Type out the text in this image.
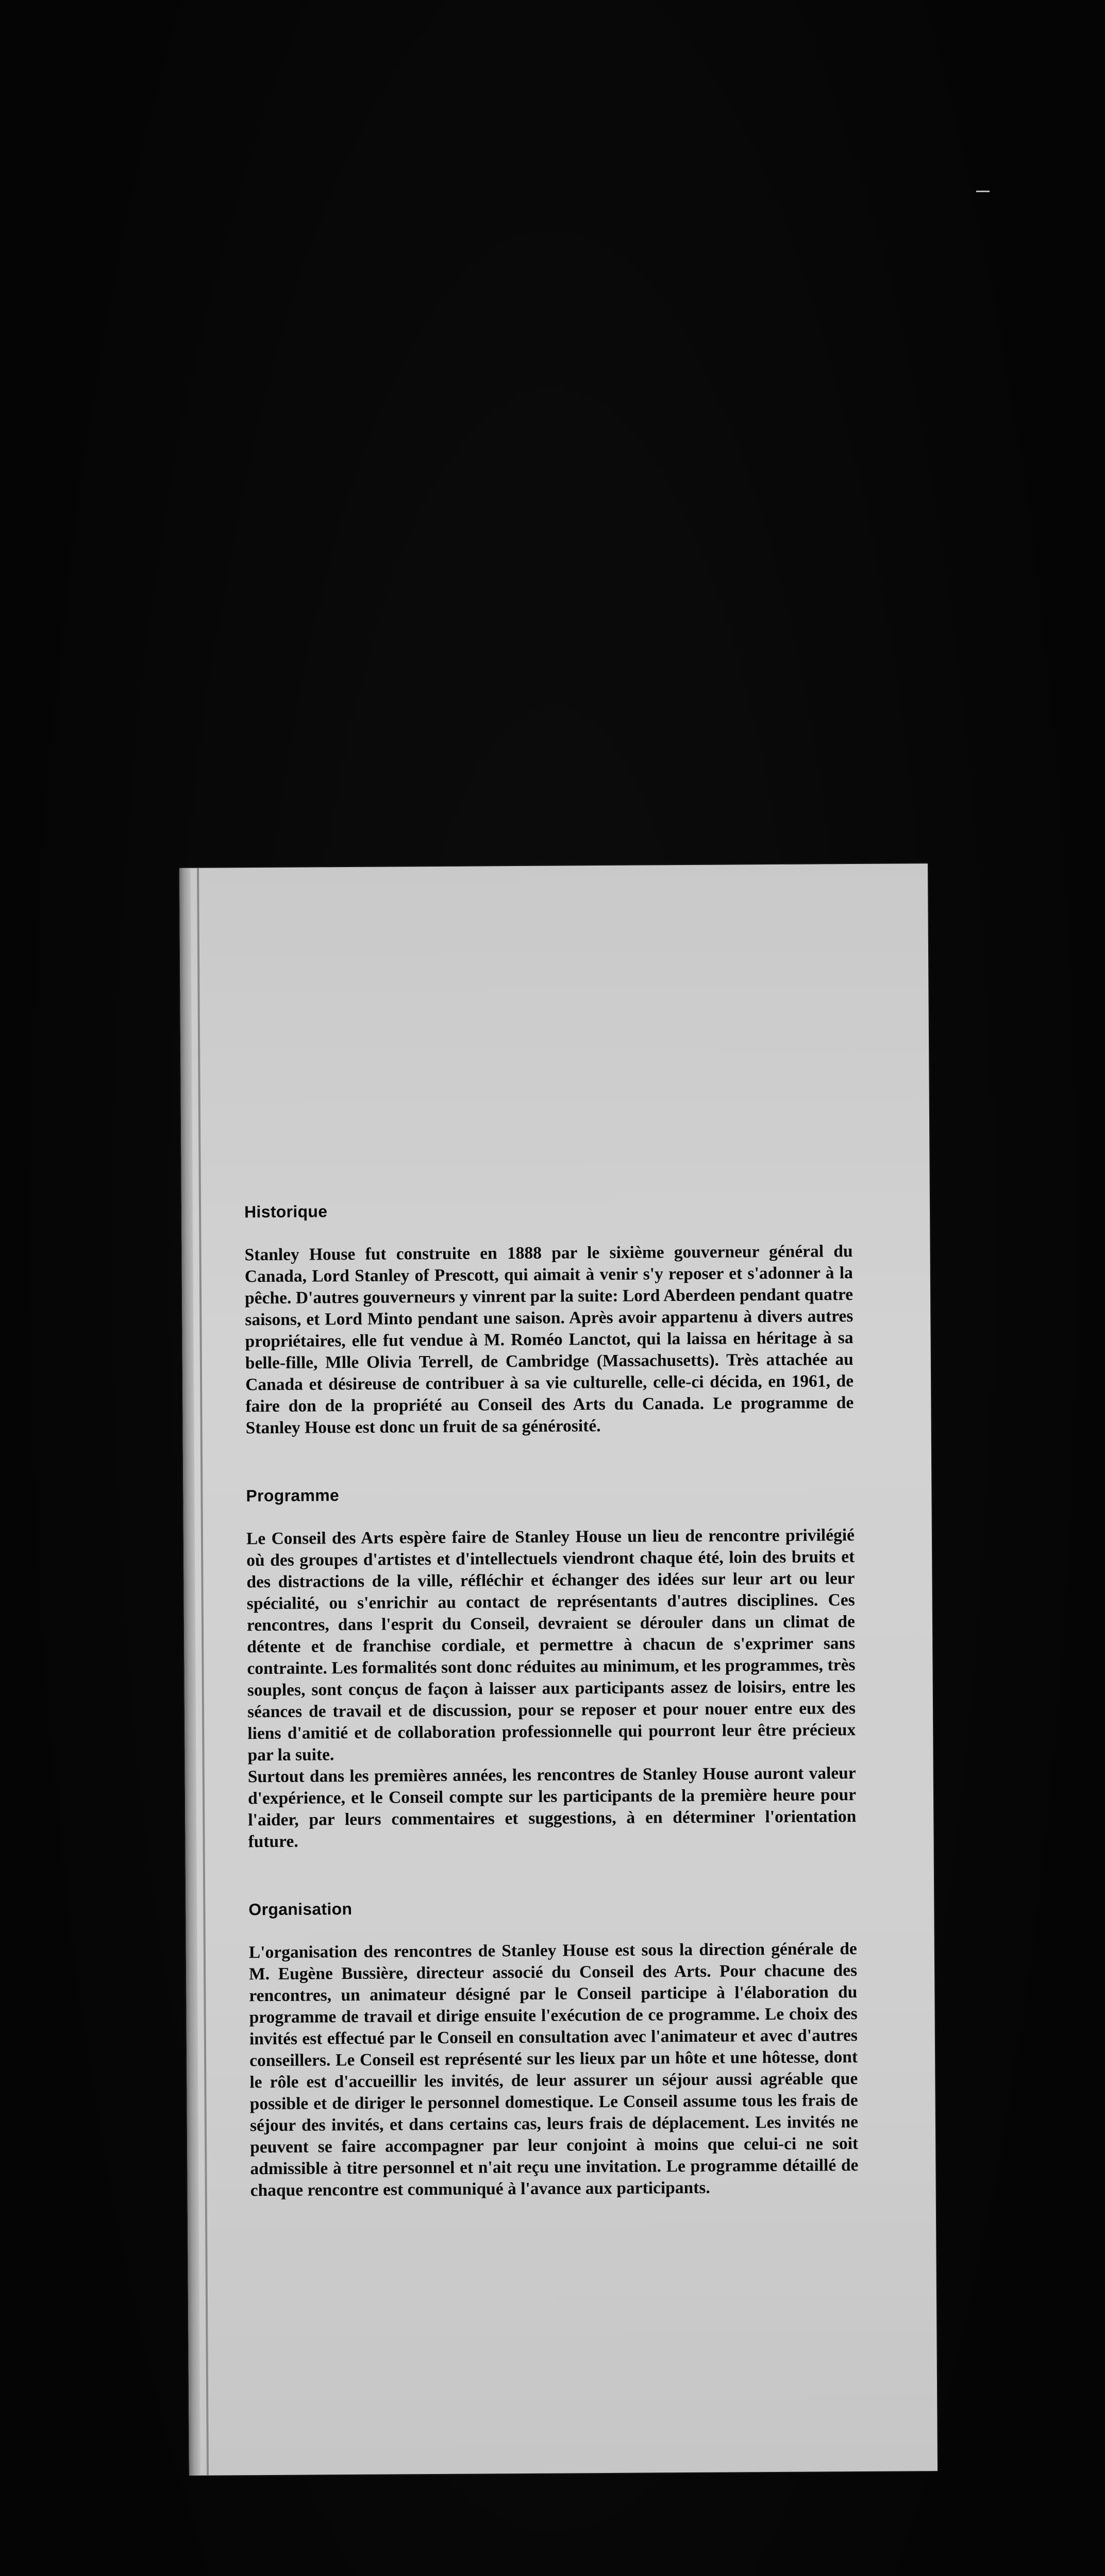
Historique

Stanley House fut construite en 1888 par le sixième gouverneur général du Canada, Lord Stanley of Prescott, qui aimait à venir s'y reposer et s'adonner à la pêche. D'autres gouverneurs y vinrent par la suite: Lord Aberdeen pendant quatre saisons, et Lord Minto pendant une saison. Après avoir appartenu à divers autres propriétaires, elle fut vendue à M. Roméo Lanctot, qui la laissa en héritage à sa belle-fille, Mlle Olivia Terrell, de Cambridge (Massachusetts). Très attachée au Canada et désireuse de contribuer à sa vie culturelle, celle-ci décida, en 1961, de faire don de la propriété au Conseil des Arts du Canada. Le programme de Stanley House est donc un fruit de sa générosité.

Programme

Le Conseil des Arts espère faire de Stanley House un lieu de rencontre privilégié où des groupes d'artistes et d'intellectuels viendront chaque été, loin des bruits et des distractions de la ville, réfléchir et échanger des idées sur leur art ou leur spécialité, ou s'enrichir au contact de représentants d'autres disciplines. Ces rencontres, dans l'esprit du Conseil, devraient se dérouler dans un climat de détente et de franchise cordiale, et permettre à chacun de s'exprimer sans contrainte. Les formalités sont donc réduites au minimum, et les programmes, très souples, sont conçus de façon à laisser aux participants assez de loisirs, entre les séances de travail et de discussion, pour se reposer et pour nouer entre eux des liens d'amitié et de collaboration professionnelle qui pourront leur être précieux par la suite.

Surtout dans les premières années, les rencontres de Stanley House auront valeur d'expérience, et le Conseil compte sur les participants de la première heure pour l'aider, par leurs commentaires et suggestions, à en déterminer l'orientation future.

Organisation

L'organisation des rencontres de Stanley House est sous la direction générale de M. Eugène Bussière, directeur associé du Conseil des Arts. Pour chacune des rencontres, un animateur désigné par le Conseil participe à l'élaboration du programme de travail et dirige ensuite l'exécution de ce programme. Le choix des invités est effectué par le Conseil en consultation avec l'animateur et avec d'autres conseillers. Le Conseil est représenté sur les lieux par un hôte et une hôtesse, dont le rôle est d'accueillir les invités, de leur assurer un séjour aussi agréable que possible et de diriger le personnel domestique. Le Conseil assume tous les frais de séjour des invités, et dans certains cas, leurs frais de déplacement. Les invités ne peuvent se faire accompagner par leur conjoint à moins que celui-ci ne soit admissible à titre personnel et n'ait reçu une invitation. Le programme détaillé de chaque rencontre est communiqué à l'avance aux participants.
